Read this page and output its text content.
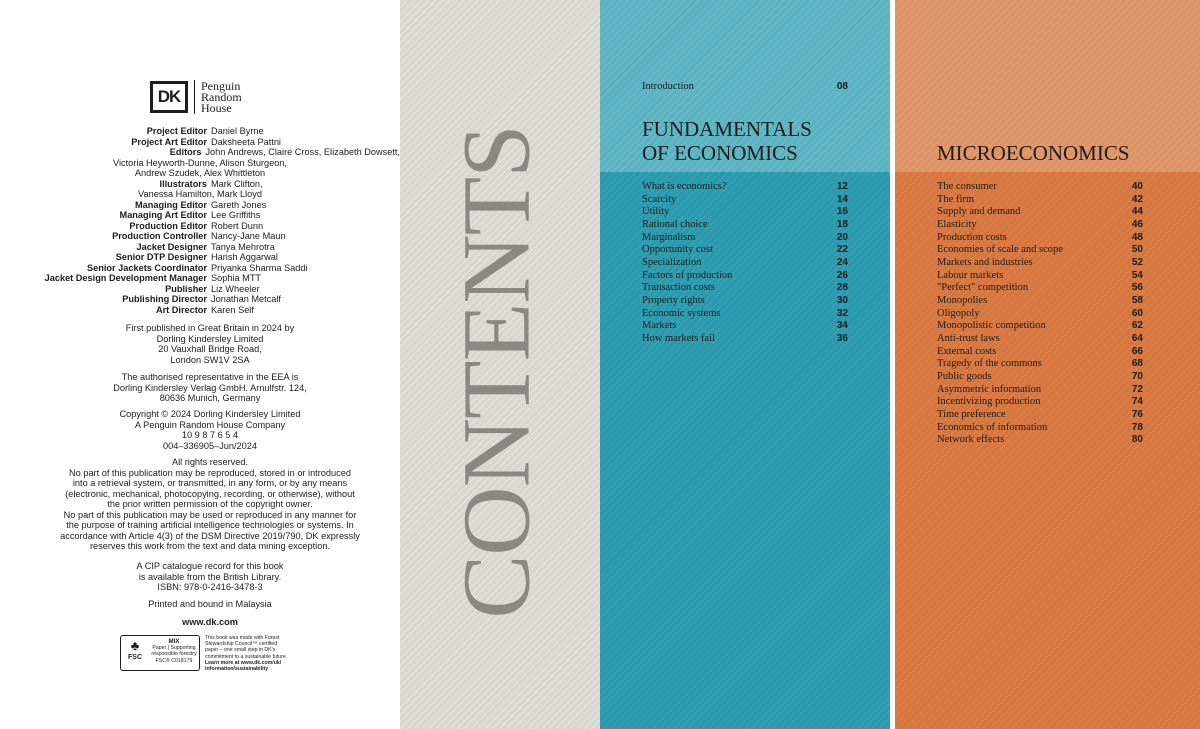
DK
Penguin
Random
House
Project Editor Daniel Byrne
Project Art Editor Daksheeta Pattni
Editors John Andrews, Claire Cross, Elizabeth Dowsett,
Victoria Heyworth-Dunne, Alison Sturgeon,
Andrew Szudek, Alex Whittleton
Illustrators Mark Clifton,
Vanessa Hamilton, Mark Lloyd
Managing Editor Gareth Jones
Managing Art Editor Lee Griffiths
Production Editor Robert Dunn
Production Controller Nancy-Jane Maun
Jacket Designer Tanya Mehrotra
Senior DTP Designer Harish Aggarwal
Senior Jackets Coordinator Priyanka Sharma Saddi
Jacket Design Development Manager Sophia MTT
Publisher Liz Wheeler
Publishing Director Jonathan Metcalf
Art Director Karen Self
First published in Great Britain in 2024 by
Dorling Kindersley Limited
20 Vauxhall Bridge Road,
London SW1V 2SA
The authorised representative in the EEA is
Dorling Kindersley Verlag GmbH. Arnulfstr. 124,
80636 Munich, Germany
Copyright © 2024 Dorling Kindersley Limited
A Penguin Random House Company
10 9 8 7 6 5 4
004–336905–Jun/2024
All rights reserved.
No part of this publication may be reproduced, stored in or introduced
into a retrieval system, or transmitted, in any form, or by any means
(electronic, mechanical, photocopying, recording, or otherwise), without
the prior written permission of the copyright owner.
No part of this publication may be used or reproduced in any manner for
the purpose of training artificial intelligence technologies or systems. In
accordance with Article 4(3) of the DSM Directive 2019/790, DK expressly
reserves this work from the text and data mining exception.
A CIP catalogue record for this book
is available from the British Library.
ISBN: 978-0-2416-3478-3
Printed and bound in Malaysia
www.dk.com
♣
FSC
MIX
Paper | Supporting
responsible forestry
FSC® C018179
This book was made with Forest
Stewardship Council™ certified
paper – one small step in DK's
commitment to a sustainable future.
Learn more at www.dk.com/uk/
information/sustainability
CONTENTS
Introduction	08
FUNDAMENTALS
OF ECONOMICS	MICROECONOMICS
What is economics?	12
Scarcity	14
Utility	16
Rational choice	18
Marginalism	20
Opportunity cost	22
Specialization	24
Factors of production	26
Transaction costs	28
Property rights	30
Economic systems	32
Markets	34
How markets fail	36
The consumer	40
The firm	42
Supply and demand	44
Elasticity	46
Production costs	48
Economies of scale and scope	50
Markets and industries	52
Labour markets	54
"Perfect" competition	56
Monopolies	58
Oligopoly	60
Monopolistic competition	62
Anti-trust laws	64
External costs	66
Tragedy of the commons	68
Public goods	70
Asymmetric information	72
Incentivizing production	74
Time preference	76
Economics of information	78
Network effects	80
